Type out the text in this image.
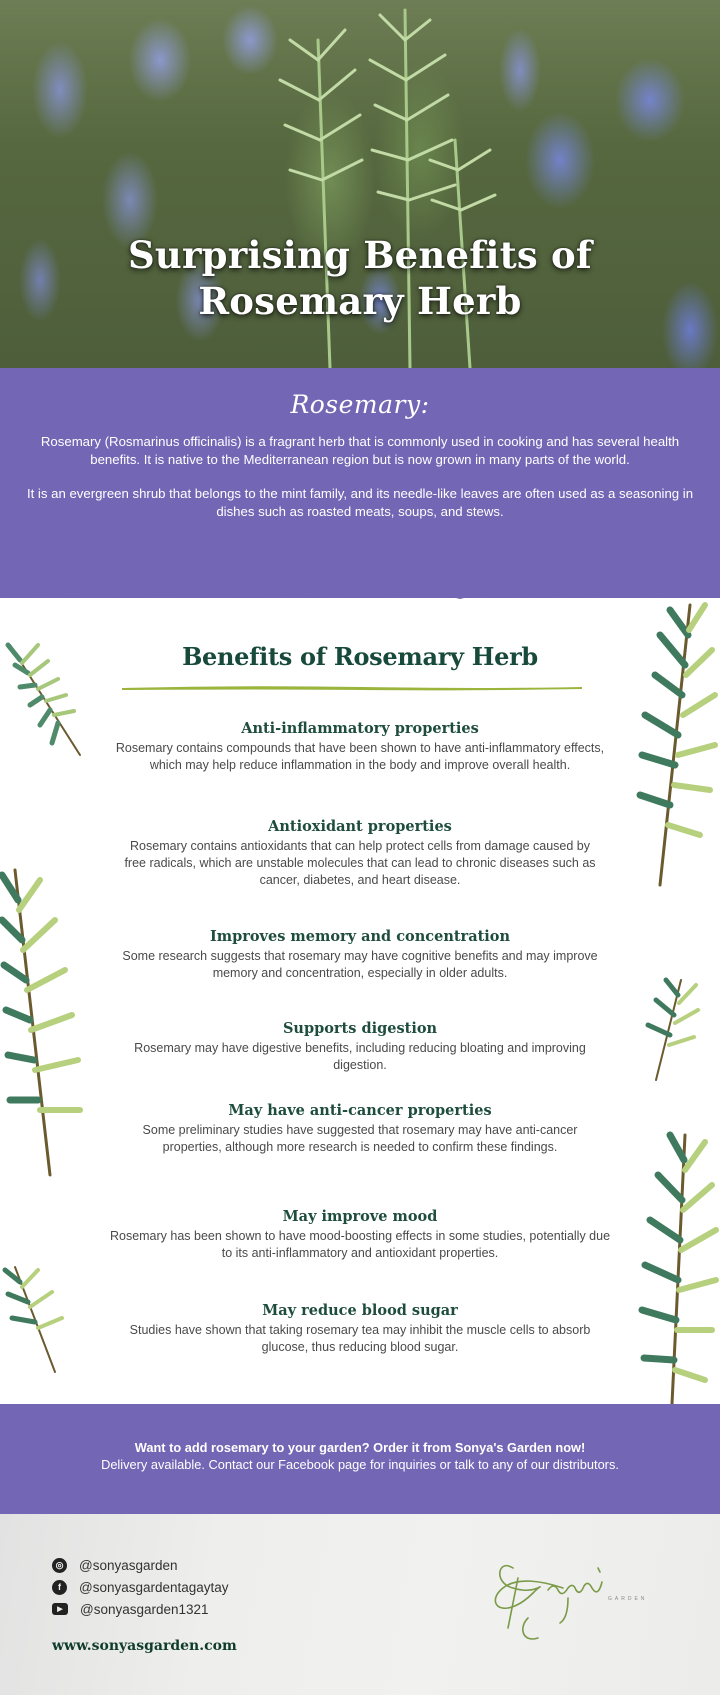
Surprising Benefits of
Rosemary Herb
Rosemary:

Rosemary (Rosmarinus officinalis) is a fragrant herb that is commonly used in cooking and has several health benefits. It is native to the Mediterranean region but is now grown in many parts of the world.

It is an evergreen shrub that belongs to the mint family, and its needle-like leaves are often used as a seasoning in dishes such as roasted meats, soups, and stews.

Benefits of Rosemary Herb
Anti-inflammatory properties

Rosemary contains compounds that have been shown to have anti-inflammatory effects, which may help reduce inflammation in the body and improve overall health.

Antioxidant properties

Rosemary contains antioxidants that can help protect cells from damage caused by free radicals, which are unstable molecules that can lead to chronic diseases such as cancer, diabetes, and heart disease.

Improves memory and concentration

Some research suggests that rosemary may have cognitive benefits and may improve memory and concentration, especially in older adults.

Supports digestion

Rosemary may have digestive benefits, including reducing bloating and improving digestion.

May have anti-cancer properties

Some preliminary studies have suggested that rosemary may have anti-cancer properties, although more research is needed to confirm these findings.

May improve mood

Rosemary has been shown to have mood-boosting effects in some studies, potentially due to its anti-inflammatory and antioxidant properties.

May reduce blood sugar

Studies have shown that taking rosemary tea may inhibit the muscle cells to absorb glucose, thus reducing blood sugar.

Want to add rosemary to your garden? Order it from Sonya's Garden now!

Delivery available. Contact our Facebook page for inquiries or talk to any of our distributors.

◎ @sonyasgarden
f	@sonyasgardentagaytay
▶	@sonyasgarden1321
www.sonyasgarden.com
GARDEN
